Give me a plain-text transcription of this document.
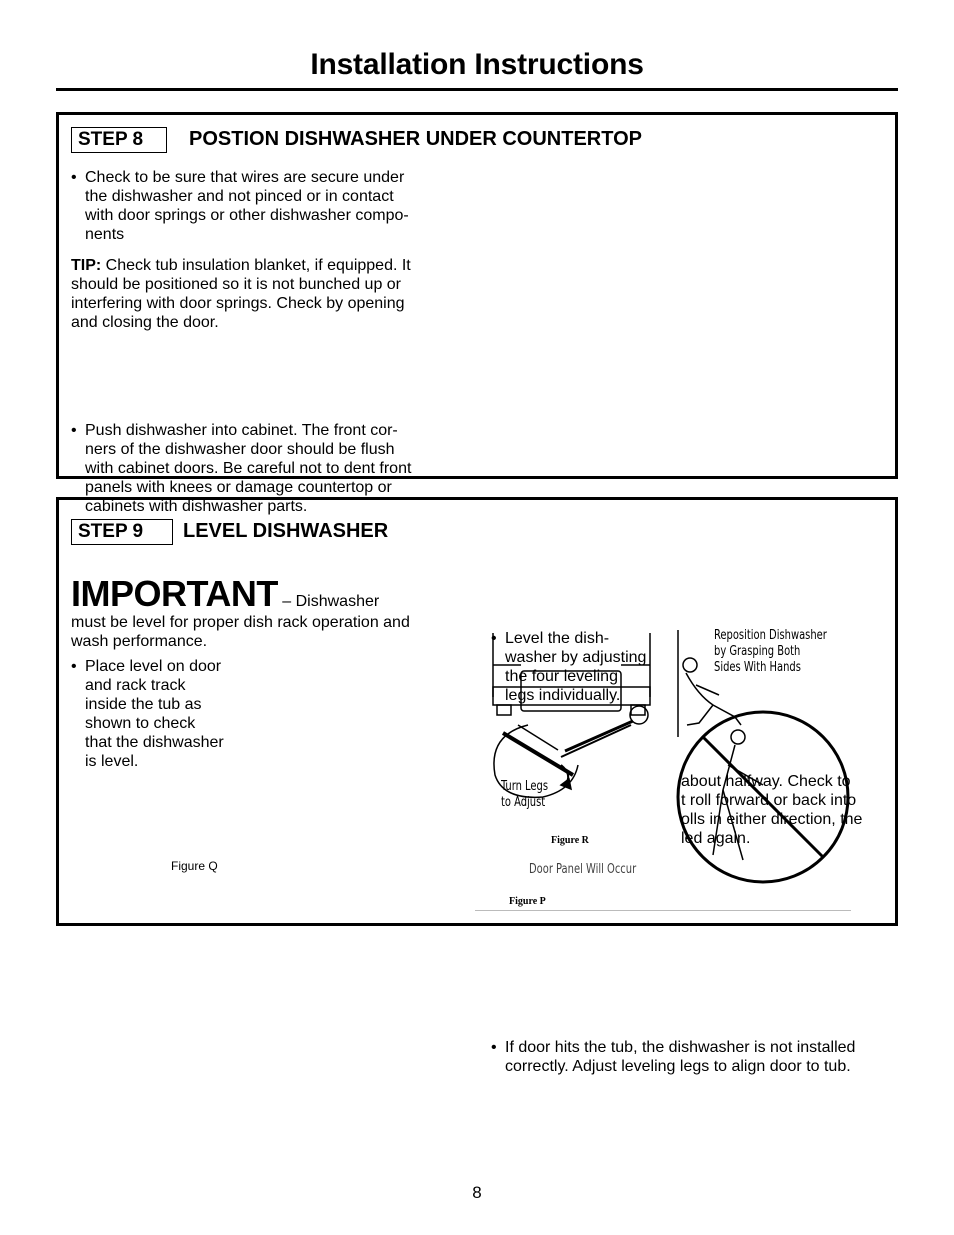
Installation Instructions
STEP 8	POSTION DISHWASHER UNDER COUNTERTOP
• Check to be sure that wires are secure under
the dishwasher and not pinced or in contact
with door springs or other dishwasher compo-
nents
TIP: Check tub insulation blanket, if equipped. It
should be positioned so it is not bunched up or
interfering with door springs. Check by opening
and closing the door.
• Push dishwasher into cabinet. The front cor-
ners of the dishwasher door should be flush
with cabinet doors. Be careful not to dent front
panels with knees or damage countertop or
cabinets with dishwasher parts.
STEP 9	LEVEL DISHWASHER
IMPORTANT – Dishwasher
must be level for proper dish rack operation and
wash performance.
• Place level on door
and rack track
inside the tub as
shown to check
that the dishwasher
is level.
Figure Q
• Level the dish-
washer by adjusting
the four leveling
legs individually.
Reposition Dishwasher
by Grasping Both
Sides With Hands
Turn Legs
to Adjust
Figure R
about halfway. Check to
t roll forward or back into
olls in either direction, the
led again.
Door Panel Will Occur
• If door hits the tub, the dishwasher is not installed
correctly. Adjust leveling legs to align door to tub.
Figure P
8
